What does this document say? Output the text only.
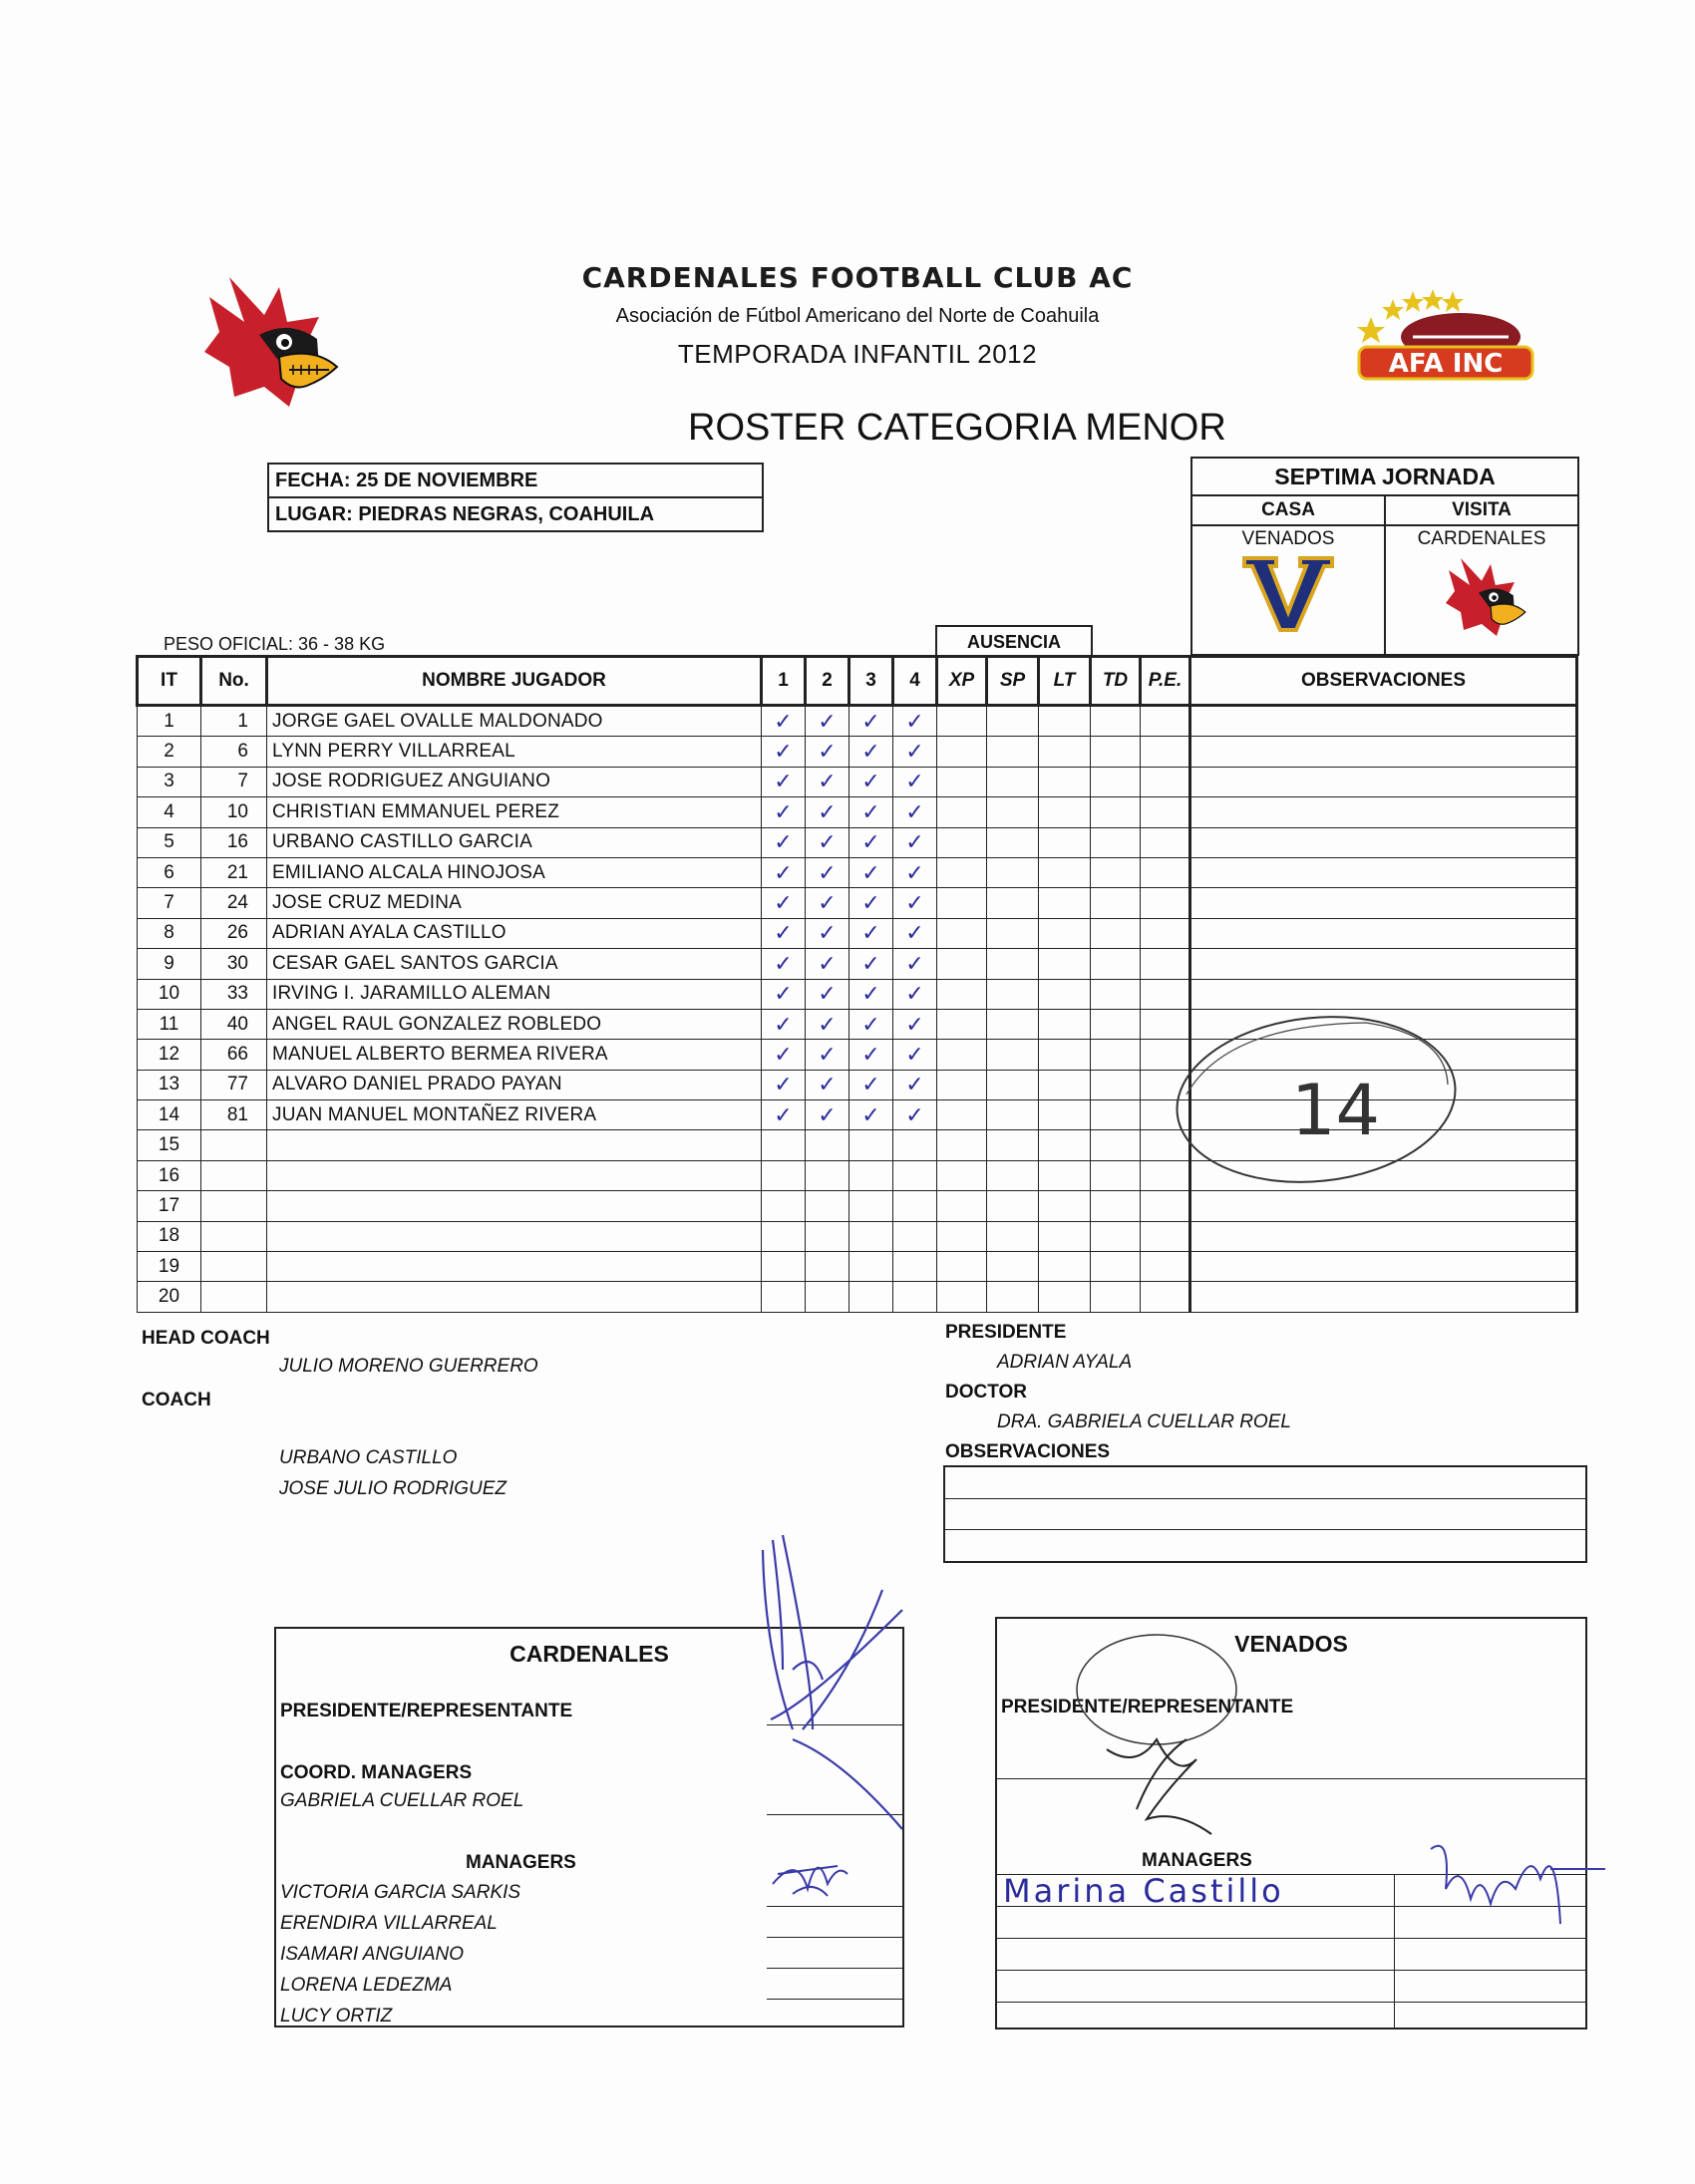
CARDENALES FOOTBALL CLUB AC
Asociación de Fútbol Americano del Norte de Coahuila
TEMPORADA INFANTIL 2012	AFA INC
ROSTER CATEGORIA MENOR
FECHA: 25 DE NOVIEMBRE
LUGAR: PIEDRAS NEGRAS, COAHUILA
SEPTIMA JORNADA
CASA
VENADOS
VISITA
CARDENALES
PESO OFICIAL: 36 - 38 KG	AUSENCIA
IT	No.	NOMBRE JUGADOR	1	2	3	4	XP	SP	LT	TD	P.E.	OBSERVACIONES
1	1	JORGE GAEL OVALLE MALDONADO	✓	✓	✓	✓						
2	6	LYNN PERRY VILLARREAL	✓	✓	✓	✓						
3	7	JOSE RODRIGUEZ ANGUIANO	✓	✓	✓	✓						
4	10	CHRISTIAN EMMANUEL PEREZ	✓	✓	✓	✓						
5	16	URBANO CASTILLO GARCIA	✓	✓	✓	✓						
6	21	EMILIANO ALCALA HINOJOSA	✓	✓	✓	✓						
7	24	JOSE CRUZ MEDINA	✓	✓	✓	✓						
8	26	ADRIAN AYALA CASTILLO	✓	✓	✓	✓						
9	30	CESAR GAEL SANTOS GARCIA	✓	✓	✓	✓						
10	33	IRVING I. JARAMILLO ALEMAN	✓	✓	✓	✓						
11	40	ANGEL RAUL GONZALEZ ROBLEDO	✓	✓	✓	✓						
12	66	MANUEL ALBERTO BERMEA RIVERA	✓	✓	✓	✓						
13	77	ALVARO DANIEL PRADO PAYAN	✓	✓	✓	✓						
14	81	JUAN MANUEL MONTAÑEZ RIVERA	✓	✓	✓	✓						
15												
16												
17												
18												
19												
20												
14
HEAD COACH
JULIO MORENO GUERRERO
COACH
URBANO CASTILLO
JOSE JULIO RODRIGUEZ
PRESIDENTE
ADRIAN AYALA
DOCTOR
DRA. GABRIELA CUELLAR ROEL
OBSERVACIONES
CARDENALES
PRESIDENTE/REPRESENTANTE
COORD. MANAGERS
GABRIELA CUELLAR ROEL
MANAGERS
VICTORIA GARCIA SARKIS
ERENDIRA VILLARREAL
ISAMARI ANGUIANO
LORENA LEDEZMA
LUCY ORTIZ
VENADOS
PRESIDENTE/REPRESENTANTE
MANAGERS
Marina Castillo
